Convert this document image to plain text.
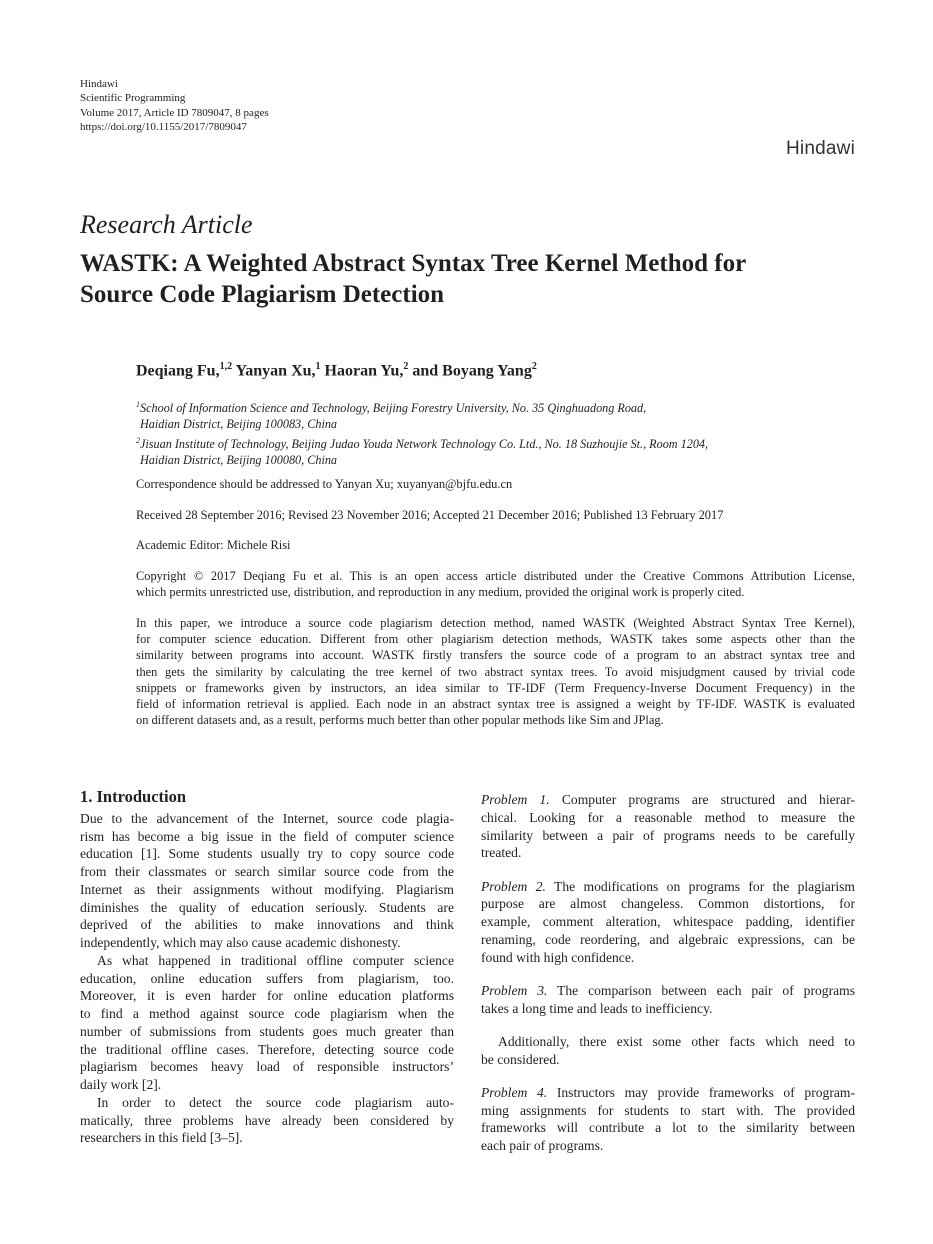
Hindawi
Scientific Programming
Volume 2017, Article ID 7809047, 8 pages
https://doi.org/10.1155/2017/7809047
Hindawi
Research Article
WASTK: A Weighted Abstract Syntax Tree Kernel Method for
Source Code Plagiarism Detection
Deqiang Fu,$^{1,2}$ Yanyan Xu,$^1$ Haoran Yu,$^2$ and Boyang Yang$^2$
$^1$School of Information Science and Technology, Beijing Forestry University, No. 35 Qinghuadong Road,
Haidian District, Beijing 100083, China
$^2$Jisuan Institute of Technology, Beijing Judao Youda Network Technology Co. Ltd., No. 18 Suzhoujie St., Room 1204,
Haidian District, Beijing 100080, China
Correspondence should be addressed to Yanyan Xu; xuyanyan@bjfu.edu.cn
Received 28 September 2016; Revised 23 November 2016; Accepted 21 December 2016; Published 13 February 2017
Academic Editor: Michele Risi
Copyright © 2017 Deqiang Fu et al. This is an open access article distributed under the Creative Commons Attribution License,
which permits unrestricted use, distribution, and reproduction in any medium, provided the original work is properly cited.
In this paper, we introduce a source code plagiarism detection method, named WASTK (Weighted Abstract Syntax Tree Kernel),
for computer science education. Different from other plagiarism detection methods, WASTK takes some aspects other than the
similarity between programs into account. WASTK firstly transfers the source code of a program to an abstract syntax tree and
then gets the similarity by calculating the tree kernel of two abstract syntax trees. To avoid misjudgment caused by trivial code
snippets or frameworks given by instructors, an idea similar to TF-IDF (Term Frequency-Inverse Document Frequency) in the
field of information retrieval is applied. Each node in an abstract syntax tree is assigned a weight by TF-IDF. WASTK is evaluated
on different datasets and, as a result, performs much better than other popular methods like Sim and JPlag.
1. Introduction
Due to the advancement of the Internet, source code plagia-
rism has become a big issue in the field of computer science
education [1]. Some students usually try to copy source code
from their classmates or search similar source code from the
Internet as their assignments without modifying. Plagiarism
diminishes the quality of education seriously. Students are
deprived of the abilities to make innovations and think
independently, which may also cause academic dishonesty.
As what happened in traditional offline computer science
education, online education suffers from plagiarism, too.
Moreover, it is even harder for online education platforms
to find a method against source code plagiarism when the
number of submissions from students goes much greater than
the traditional offline cases. Therefore, detecting source code
plagiarism becomes heavy load of responsible instructors’
daily work [2].
In order to detect the source code plagiarism auto-
matically, three problems have already been considered by
researchers in this field [3–5].
Problem 1. Computer programs are structured and hierar-
chical. Looking for a reasonable method to measure the
similarity between a pair of programs needs to be carefully
treated.
Problem 2. The modifications on programs for the plagiarism
purpose are almost changeless. Common distortions, for
example, comment alteration, whitespace padding, identifier
renaming, code reordering, and algebraic expressions, can be
found with high confidence.
Problem 3. The comparison between each pair of programs
takes a long time and leads to inefficiency.
Additionally, there exist some other facts which need to
be considered.
Problem 4. Instructors may provide frameworks of program-
ming assignments for students to start with. The provided
frameworks will contribute a lot to the similarity between
each pair of programs.
